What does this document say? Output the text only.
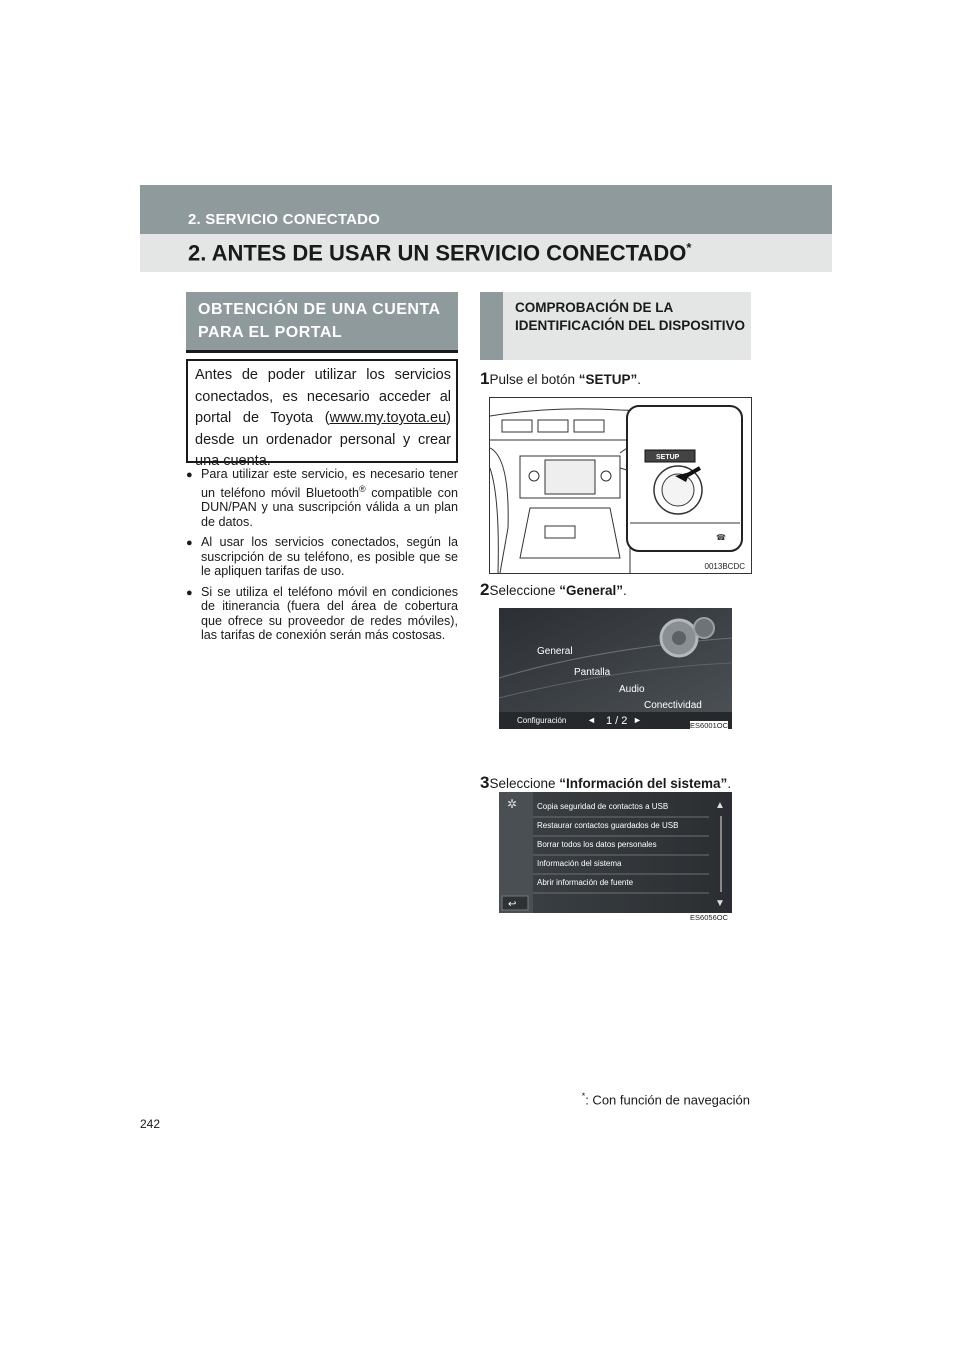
2. SERVICIO CONECTADO
2. ANTES DE USAR UN SERVICIO CONECTADO*
OBTENCIÓN DE UNA CUENTA PARA EL PORTAL

Antes de poder utilizar los servicios conectados, es necesario acceder al portal de Toyota (www.my.toyota.eu) desde un ordenador personal y crear una cuenta.

● Para utilizar este servicio, es necesario tener un teléfono móvil Bluetooth® compatible con DUN/PAN y una suscripción válida a un plan de datos.
● Al usar los servicios conectados, según la suscripción de su teléfono, es posible que se le apliquen tarifas de uso.
● Si se utiliza el teléfono móvil en condiciones de itinerancia (fuera del área de cobertura que ofrece su proveedor de redes móviles), las tarifas de conexión serán más costosas.
COMPROBACIÓN DE LA IDENTIFICACIÓN DEL DISPOSITIVO
1Pulse el botón “SETUP”.
SETUP
☎
0013BCDC
2Seleccione “General”.
General
Pantalla
Audio
Conectividad
Configuración ◄ 1 / 2 ►
ES6001OC
3Seleccione “Información del sistema”.
✲
↩
Copia seguridad de contactos a USB
Restaurar contactos guardados de USB
Borrar todos los datos personales
Información del sistema
Abrir información de fuente
▲
▼
ES6056OC
*: Con función de navegación
242
